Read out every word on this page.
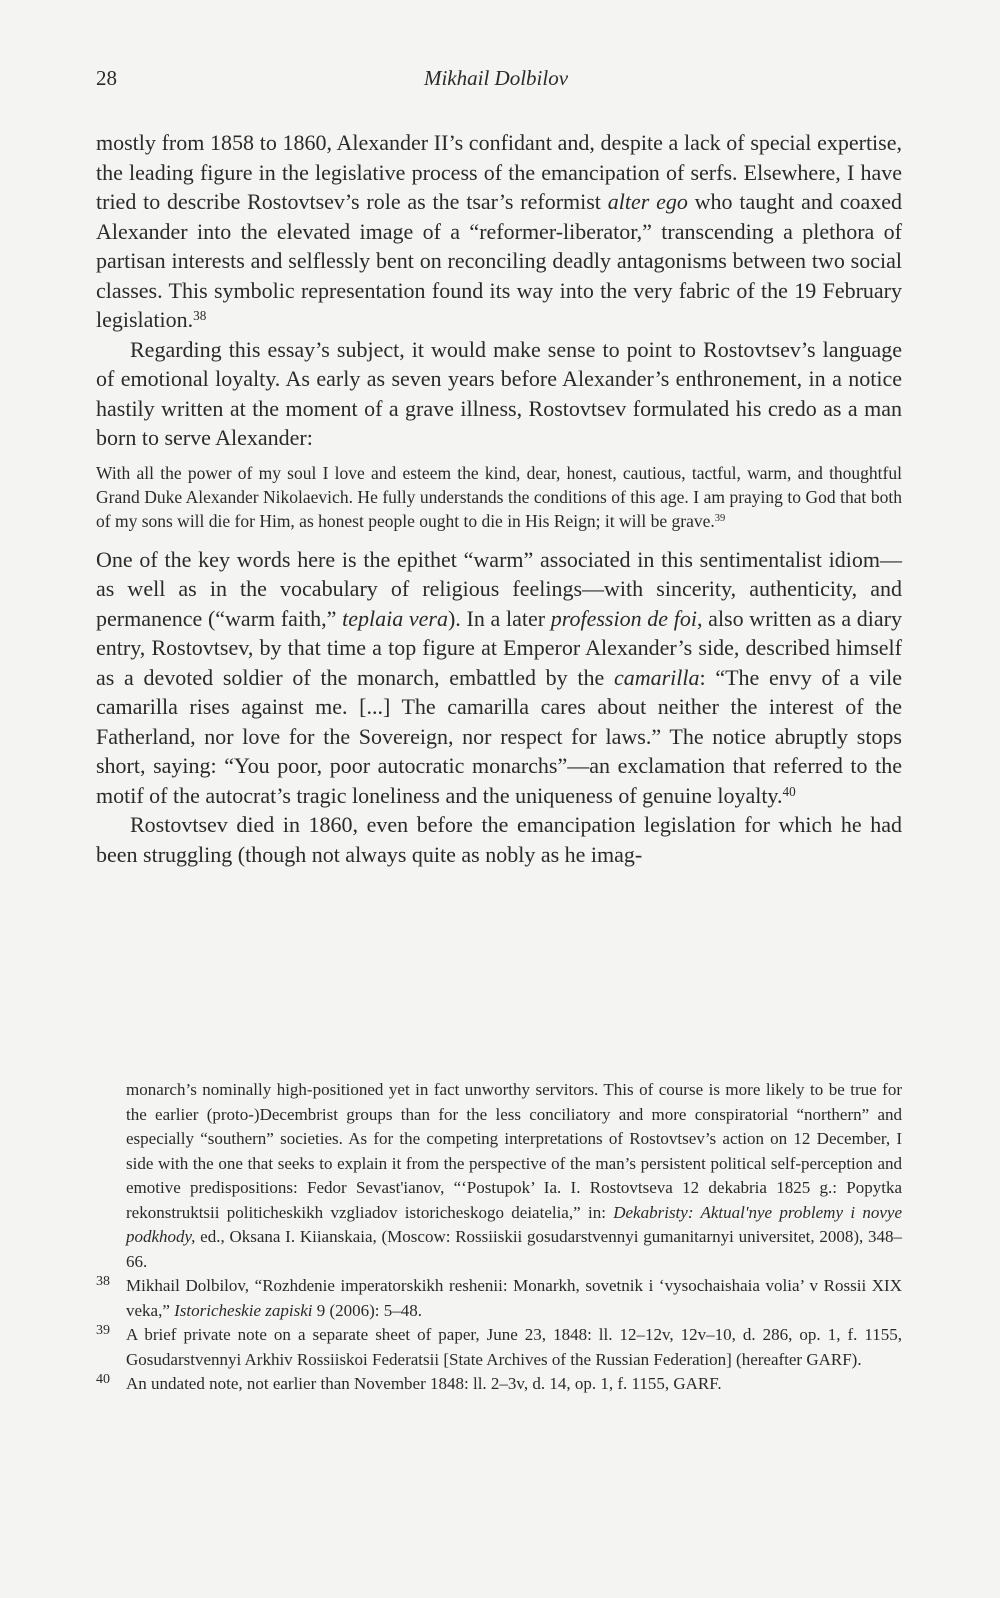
28	Mikhail Dolbilov

mostly from 1858 to 1860, Alexander II’s confidant and, despite a lack of special expertise, the leading figure in the legislative process of the emancipation of serfs. Elsewhere, I have tried to describe Rostovtsev’s role as the tsar’s reformist alter ego who taught and coaxed Alexander into the elevated image of a “reformer-liberator,” transcending a plethora of partisan interests and selflessly bent on reconciling deadly antagonisms between two social classes. This symbolic representation found its way into the very fabric of the 19 February legislation.$^{38}$

Regarding this essay’s subject, it would make sense to point to Rostovtsev’s language of emotional loyalty. As early as seven years before Alexander’s enthronement, in a notice hastily written at the moment of a grave illness, Rostovtsev formulated his credo as a man born to serve Alexander:

With all the power of my soul I love and esteem the kind, dear, honest, cautious, tactful, warm, and thoughtful Grand Duke Alexander Nikolaevich. He fully understands the conditions of this age. I am praying to God that both of my sons will die for Him, as honest people ought to die in His Reign; it will be grave.$^{39}$

One of the key words here is the epithet “warm” associated in this sentimentalist idiom—as well as in the vocabulary of religious feelings—with sincerity, authenticity, and permanence (“warm faith,” teplaia vera). In a later profession de foi, also written as a diary entry, Rostovtsev, by that time a top figure at Emperor Alexander’s side, described himself as a devoted soldier of the monarch, embattled by the camarilla: “The envy of a vile camarilla rises against me. [...] The camarilla cares about neither the interest of the Fatherland, nor love for the Sovereign, nor respect for laws.” The notice abruptly stops short, saying: “You poor, poor autocratic monarchs”—an exclamation that referred to the motif of the autocrat’s tragic loneliness and the uniqueness of genuine loyalty.$^{40}$

Rostovtsev died in 1860, even before the emancipation legislation for which he had been struggling (though not always quite as nobly as he imag-

monarch’s nominally high-positioned yet in fact unworthy servitors. This of course is more likely to be true for the earlier (proto-)Decembrist groups than for the less conciliatory and more conspiratorial “northern” and especially “southern” societies. As for the competing interpretations of Rostovtsev’s action on 12 December, I side with the one that seeks to explain it from the perspective of the man’s persistent political self-perception and emotive predispositions: Fedor Sevast'ianov, “‘Postupok’ Ia. I. Rostovtseva 12 dekabria 1825 g.: Popytka rekonstruktsii politicheskikh vzgliadov istoricheskogo deiatelia,” in: Dekabristy: Aktual'nye problemy i novye podkhody, ed., Oksana I. Kiianskaia, (Moscow: Rossiiskii gosudarstvennyi gumanitarnyi universitet, 2008), 348–66.

38 Mikhail Dolbilov, “Rozhdenie imperatorskikh reshenii: Monarkh, sovetnik i ‘vysochaishaia volia’ v Rossii XIX veka,” Istoricheskie zapiski 9 (2006): 5–48.

39 A brief private note on a separate sheet of paper, June 23, 1848: ll. 12–12v, 12v–10, d. 286, op. 1, f. 1155, Gosudarstvennyi Arkhiv Rossiiskoi Federatsii [State Archives of the Russian Federation] (hereafter GARF).

40 An undated note, not earlier than November 1848: ll. 2–3v, d. 14, op. 1, f. 1155, GARF.
